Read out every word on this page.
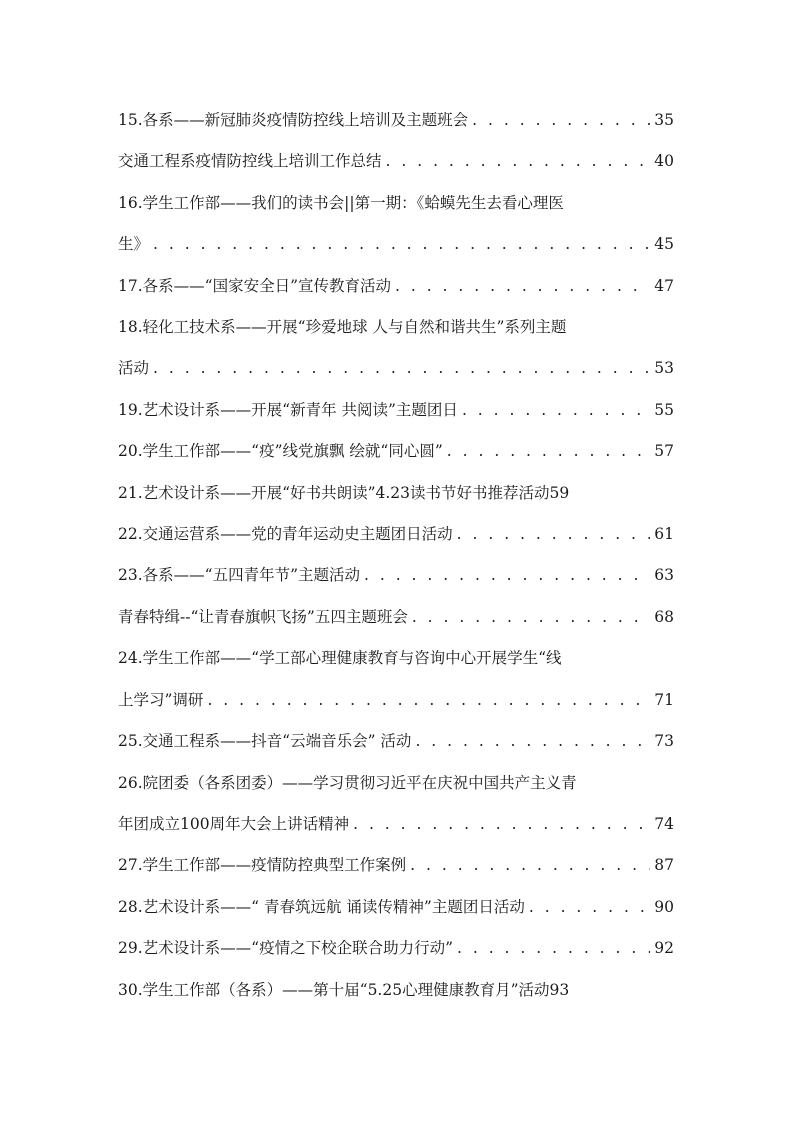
15.各系——新冠肺炎疫情防控线上培训及主题班会 . . .	35
交通工程系疫情防控线上培训工作总结 . . .	40
16.学生工作部——我们的读书会||第一期：《蛤蟆先生去看心理医
生》 . . .	45
17.各系——“国家安全日”宣传教育活动 . . .	47
18.轻化工技术系——开展“珍爱地球 人与自然和谐共生”系列主题
活动 . . .	53
19.艺术设计系——开展“新青年 共阅读”主题团日 . . .	55
20.学生工作部——“疫”线党旗飘 绘就“同心圆” . . .	57
21.艺术设计系——开展“好书共朗读”4.23读书节好书推荐活动 59
22.交通运营系——党的青年运动史主题团日活动 . . .	61
23.各系——“五四青年节”主题活动 . . .	63
青春特缉--“让青春旗帜飞扬”五四主题班会 . . .	68
24.学生工作部——“学工部心理健康教育与咨询中心开展学生“线
上学习”调研 . . .	71
25.交通工程系——抖音“云端音乐会” 活动 . . .	73
26.院团委（各系团委）——学习贯彻习近平在庆祝中国共产主义青
年团成立100周年大会上讲话精神 . . .	74
27.学生工作部——疫情防控典型工作案例 . . .	87
28.艺术设计系——“ 青春筑远航 诵读传精神”主题团日活动 . . .	90
29.艺术设计系——“疫情之下校企联合助力行动” . . .	92
30.学生工作部（各系）——第十届“5.25心理健康教育月”活动 93
